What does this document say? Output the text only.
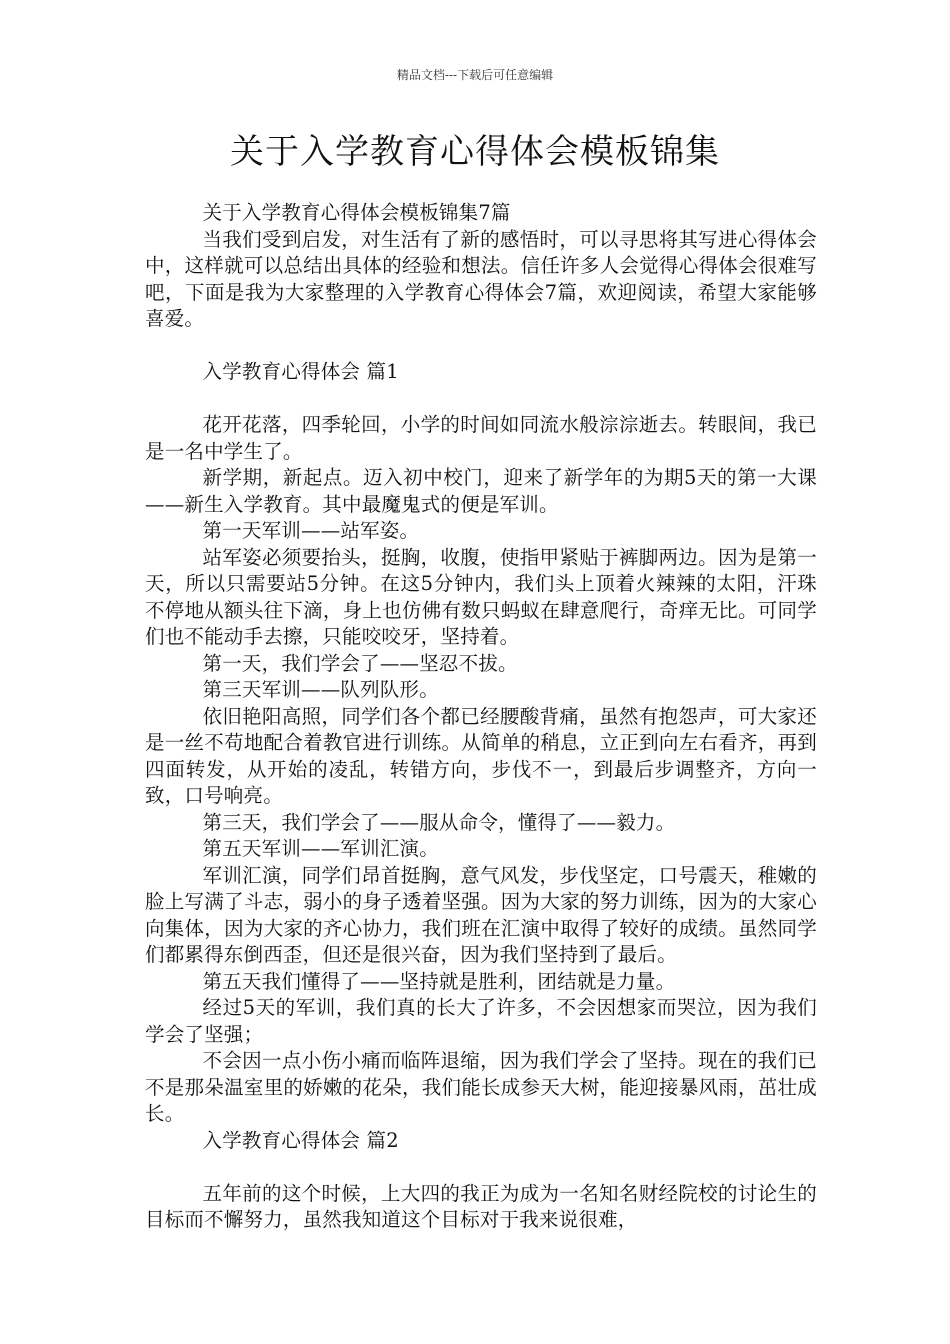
精品文档---下载后可任意编辑
关于入学教育心得体会模板锦集

关于入学教育心得体会模板锦集7篇

当我们受到启发，对生活有了新的感悟时，可以寻思将其写进心得体会中，这样就可以总结出具体的经验和想法。信任许多人会觉得心得体会很难写吧，下面是我为大家整理的入学教育心得体会7篇，欢迎阅读，希望大家能够喜爱。

入学教育心得体会 篇1

花开花落，四季轮回，小学的时间如同流水般淙淙逝去。转眼间，我已是一名中学生了。

新学期，新起点。迈入初中校门，迎来了新学年的为期5天的第一大课——新生入学教育。其中最魔鬼式的便是军训。

第一天军训——站军姿。

站军姿必须要抬头，挺胸，收腹，使指甲紧贴于裤脚两边。因为是第一天，所以只需要站5分钟。在这5分钟内，我们头上顶着火辣辣的太阳，汗珠不停地从额头往下滴，身上也仿佛有数只蚂蚁在肆意爬行，奇痒无比。可同学们也不能动手去擦，只能咬咬牙，坚持着。

第一天，我们学会了——坚忍不拔。

第三天军训——队列队形。

依旧艳阳高照，同学们各个都已经腰酸背痛，虽然有抱怨声，可大家还是一丝不苟地配合着教官进行训练。从简单的稍息，立正到向左右看齐，再到四面转发，从开始的凌乱，转错方向，步伐不一，到最后步调整齐，方向一致，口号响亮。

第三天，我们学会了——服从命令，懂得了——毅力。

第五天军训——军训汇演。

军训汇演，同学们昂首挺胸，意气风发，步伐坚定，口号震天，稚嫩的脸上写满了斗志，弱小的身子透着坚强。因为大家的努力训练，因为的大家心向集体，因为大家的齐心协力，我们班在汇演中取得了较好的成绩。虽然同学们都累得东倒西歪，但还是很兴奋，因为我们坚持到了最后。

第五天我们懂得了——坚持就是胜利，团结就是力量。

经过5天的军训，我们真的长大了许多，不会因想家而哭泣，因为我们学会了坚强；

不会因一点小伤小痛而临阵退缩，因为我们学会了坚持。现在的我们已不是那朵温室里的娇嫩的花朵，我们能长成参天大树，能迎接暴风雨，茁壮成长。

入学教育心得体会 篇2

五年前的这个时候，上大四的我正为成为一名知名财经院校的讨论生的目标而不懈努力，虽然我知道这个目标对于我来说很难，
